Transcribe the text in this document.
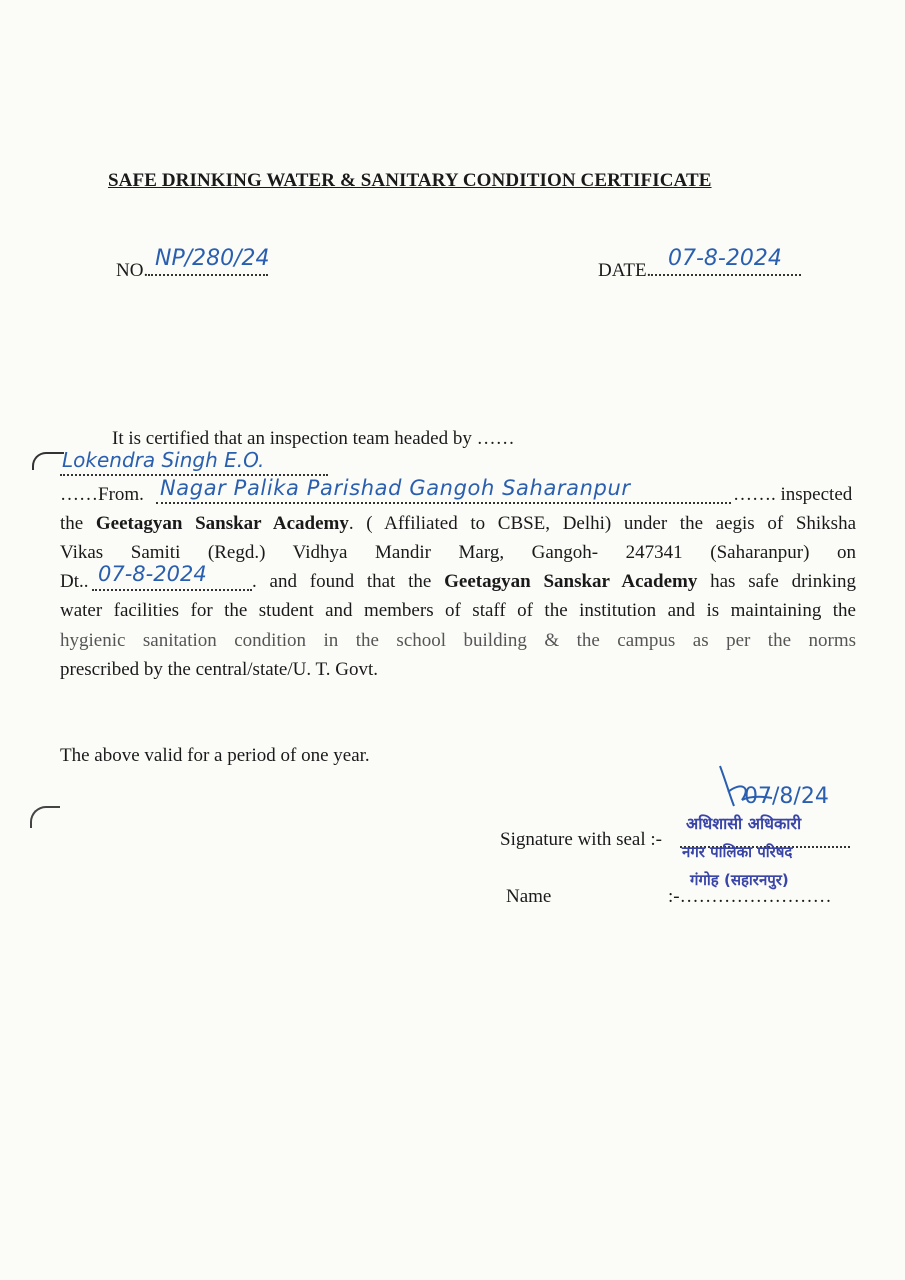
SAFE DRINKING WATER & SANITARY CONDITION CERTIFICATE
NO. NP/280/24	DATE. 07-8-2024
It is certified that an inspection team headed by ……
Lokendra Singh E.O.
……From. Nagar Palika Parishad Gangoh Saharanpur	……. inspected
the Geetagyan Sanskar Academy. ( Affiliated to CBSE, Delhi) under the aegis of Shiksha
Vikas Samiti (Regd.) Vidhya Mandir Marg, Gangoh- 247341 (Saharanpur) on
Dt.. 07-8-2024 . and found that the Geetagyan Sanskar Academy has safe drinking
water facilities for the student and members of staff of the institution and is maintaining the
hygienic sanitation condition in the school building & the campus as per the norms
prescribed by the central/state/U. T. Govt.
The above valid for a period of one year.
07/8/24
Signature with seal :-
अधिशासी अधिकारी
नगर पालिका परिषद
गंगोह (सहारनपुर)
Name	:-……………………
